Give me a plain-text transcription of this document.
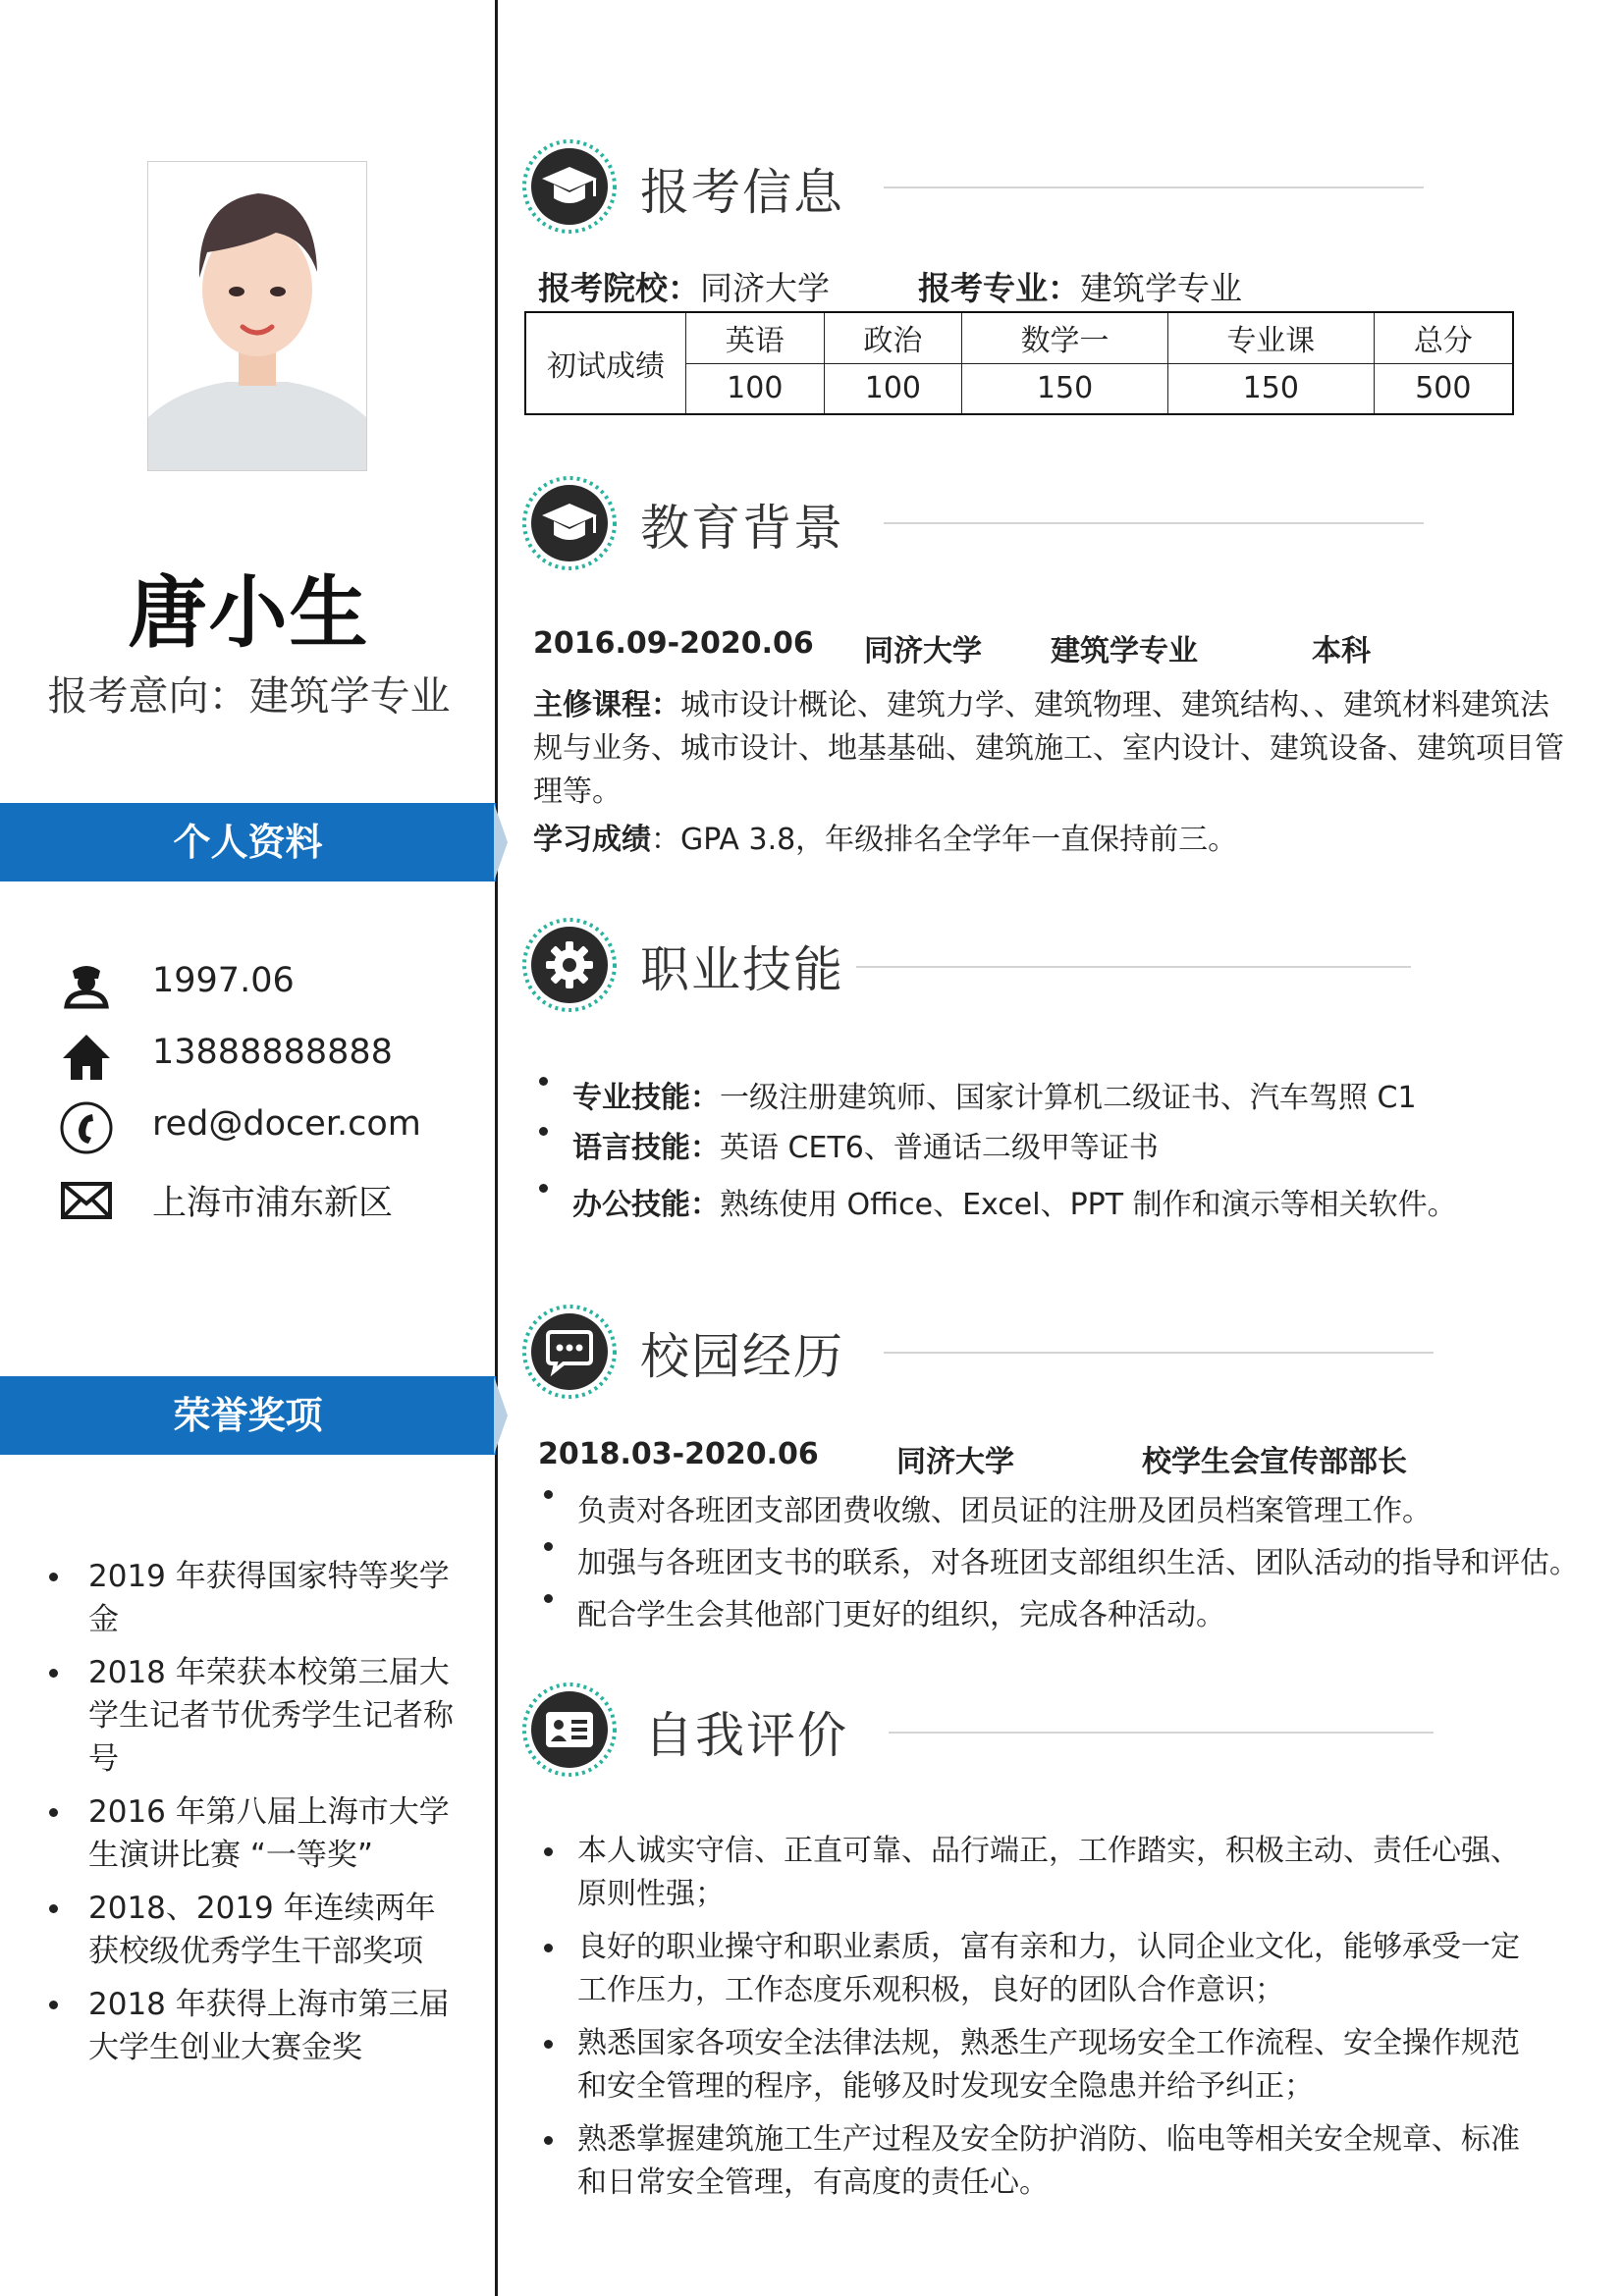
唐小生
报考意向：建筑学专业
个人资料
1997.06
13888888888
red@docer.com
上海市浦东新区
荣誉奖项
2019 年获得国家特等奖学金
2018 年荣获本校第三届大学生记者节优秀学生记者称号
2016 年第八届上海市大学生演讲比赛 “一等奖”
2018、2019 年连续两年获校级优秀学生干部奖项
2018 年获得上海市第三届大学生创业大赛金奖
报考信息
报考院校：同济大学	报考专业：建筑学专业
初试成绩	英语	政治	数学一	专业课	总分
	100	100	150	150	500
教育背景
2016.09-2020.06 同济大学 建筑学专业	本科
主修课程：城市设计概论、建筑力学、建筑物理、建筑结构、、建筑材料建筑法
规与业务、城市设计、地基基础、建筑施工、室内设计、建筑设备、建筑项目管
理等。
学习成绩：GPA 3.8，年级排名全学年一直保持前三。
职业技能
专业技能：一级注册建筑师、国家计算机二级证书、汽车驾照 C1
语言技能：英语 CET6、普通话二级甲等证书
办公技能：熟练使用 Office、Excel、PPT 制作和演示等相关软件。
校园经历
2018.03-2020.06	同济大学	校学生会宣传部部长
负责对各班团支部团费收缴、团员证的注册及团员档案管理工作。
加强与各班团支书的联系，对各班团支部组织生活、团队活动的指导和评估。
配合学生会其他部门更好的组织，完成各种活动。
自我评价
本人诚实守信、正直可靠、品行端正，工作踏实，积极主动、责任心强、原则性强；
良好的职业操守和职业素质，富有亲和力，认同企业文化，能够承受一定工作压力，工作态度乐观积极，良好的团队合作意识；
熟悉国家各项安全法律法规，熟悉生产现场安全工作流程、安全操作规范和安全管理的程序，能够及时发现安全隐患并给予纠正；
熟悉掌握建筑施工生产过程及安全防护消防、临电等相关安全规章、标准和日常安全管理，有高度的责任心。
